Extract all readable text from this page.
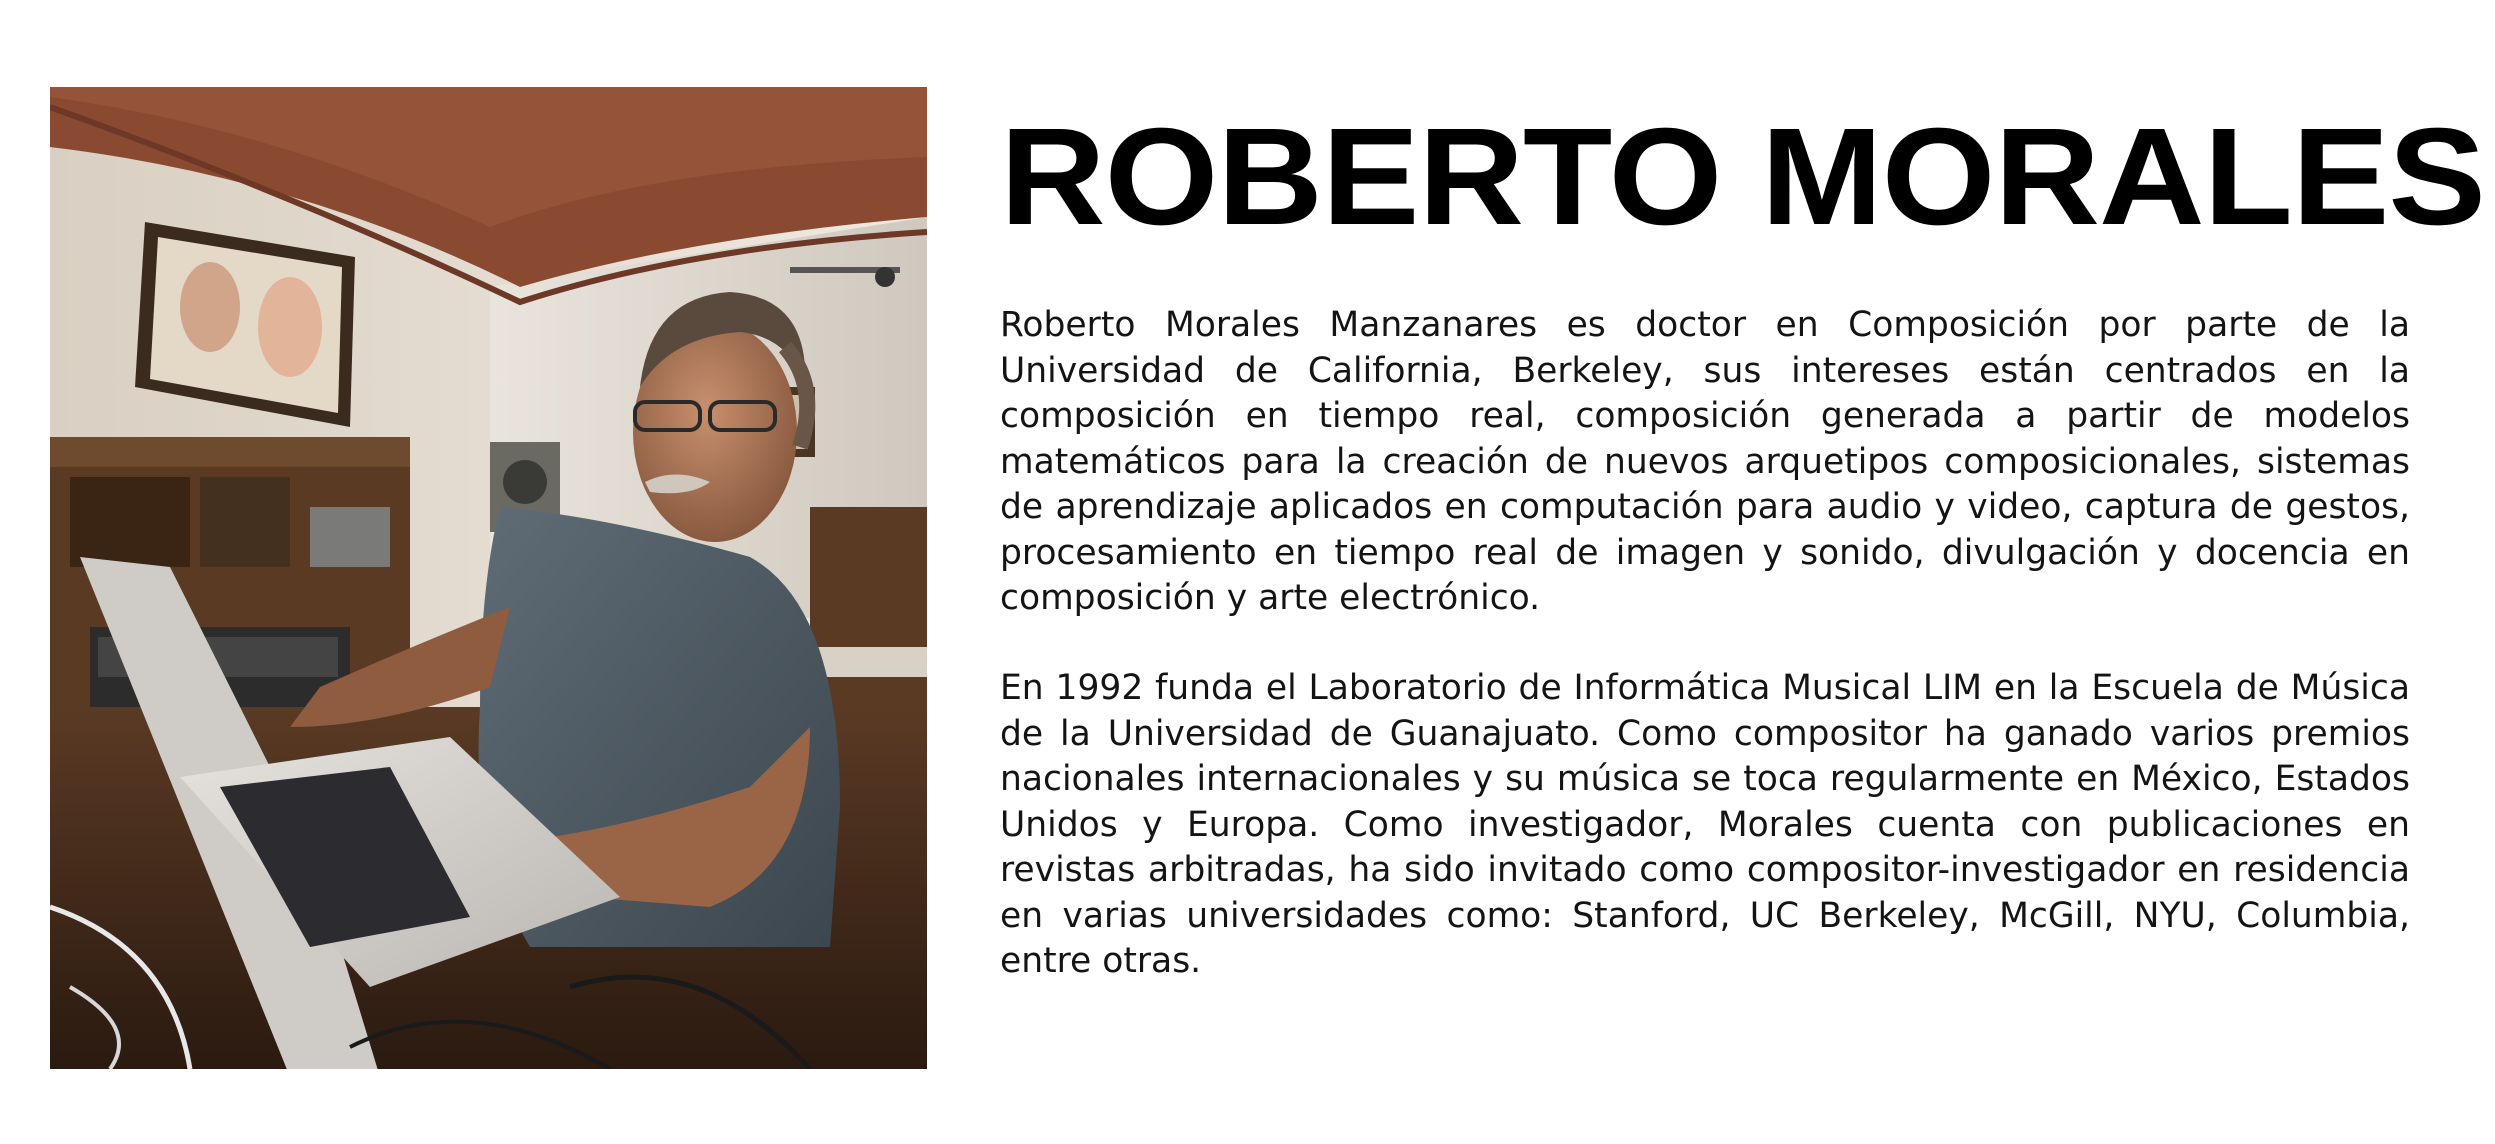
ROBERTO MORALES

Roberto Morales Manzanares es doctor en Composición por parte de la Universidad de California, Berkeley, sus intereses están centrados en la composición en tiempo real, composición generada a partir de modelos matemáticos para la creación de nuevos arquetipos composicionales, sistemas de aprendizaje aplicados en computación para audio y video, captura de gestos, procesamiento en tiempo real de imagen y sonido, divulgación y docencia en composición y arte electrónico.

En 1992 funda el Laboratorio de Informática Musical LIM en la Escuela de Música de la Universidad de Guanajuato. Como compositor ha ganado varios premios nacionales internacionales y su música se toca regularmente en México, Estados Unidos y Europa. Como investigador, Morales cuenta con publicaciones en revistas arbitradas, ha sido invitado como compositor-investigador en residencia en varias universidades como: Stanford, UC Berkeley, McGill, NYU, Columbia, entre otras.
